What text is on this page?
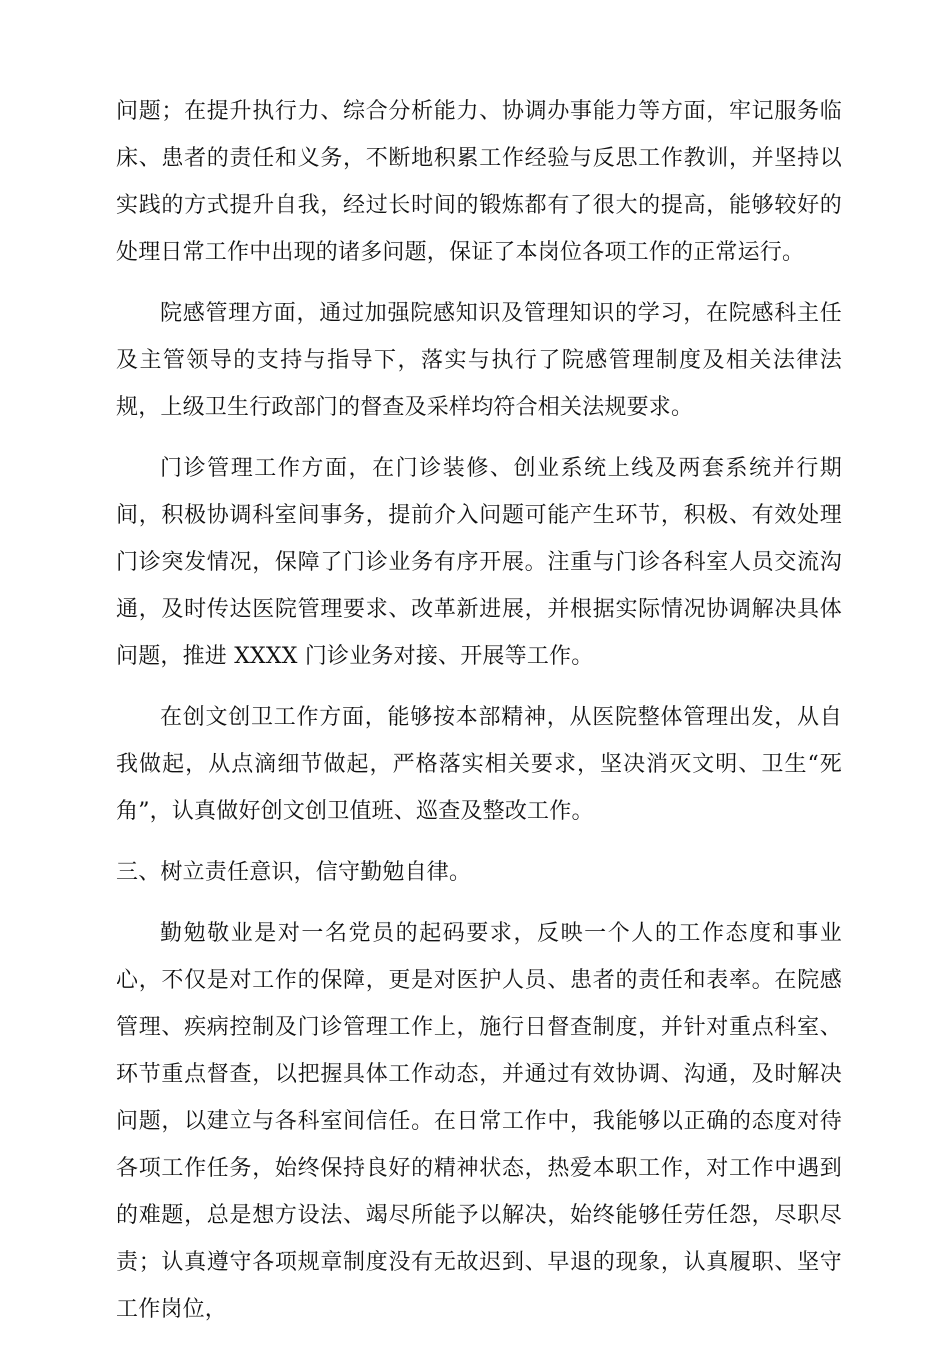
问题；在提升执行力、综合分析能力、协调办事能力等方面，牢记服务临床、患者的责任和义务，不断地积累工作经验与反思工作教训，并坚持以实践的方式提升自我，经过长时间的锻炼都有了很大的提高，能够较好的处理日常工作中出现的诸多问题，保证了本岗位各项工作的正常运行。

院感管理方面，通过加强院感知识及管理知识的学习，在院感科主任及主管领导的支持与指导下，落实与执行了院感管理制度及相关法律法规，上级卫生行政部门的督查及采样均符合相关法规要求。

门诊管理工作方面，在门诊装修、创业系统上线及两套系统并行期间，积极协调科室间事务，提前介入问题可能产生环节，积极、有效处理门诊突发情况，保障了门诊业务有序开展。注重与门诊各科室人员交流沟通，及时传达医院管理要求、改革新进展，并根据实际情况协调解决具体问题，推进 XXXX 门诊业务对接、开展等工作。

在创文创卫工作方面，能够按本部精神，从医院整体管理出发，从自我做起，从点滴细节做起，严格落实相关要求，坚决消灭文明、卫生“死角”，认真做好创文创卫值班、巡查及整改工作。

三、树立责任意识，信守勤勉自律。

勤勉敬业是对一名党员的起码要求，反映一个人的工作态度和事业心，不仅是对工作的保障，更是对医护人员、患者的责任和表率。在院感管理、疾病控制及门诊管理工作上，施行日督查制度，并针对重点科室、环节重点督查，以把握具体工作动态，并通过有效协调、沟通，及时解决问题，以建立与各科室间信任。在日常工作中，我能够以正确的态度对待各项工作任务，始终保持良好的精神状态，热爱本职工作，对工作中遇到的难题，总是想方设法、竭尽所能予以解决，始终能够任劳任怨，尽职尽责；认真遵守各项规章制度没有无故迟到、早退的现象，认真履职、坚守工作岗位，
